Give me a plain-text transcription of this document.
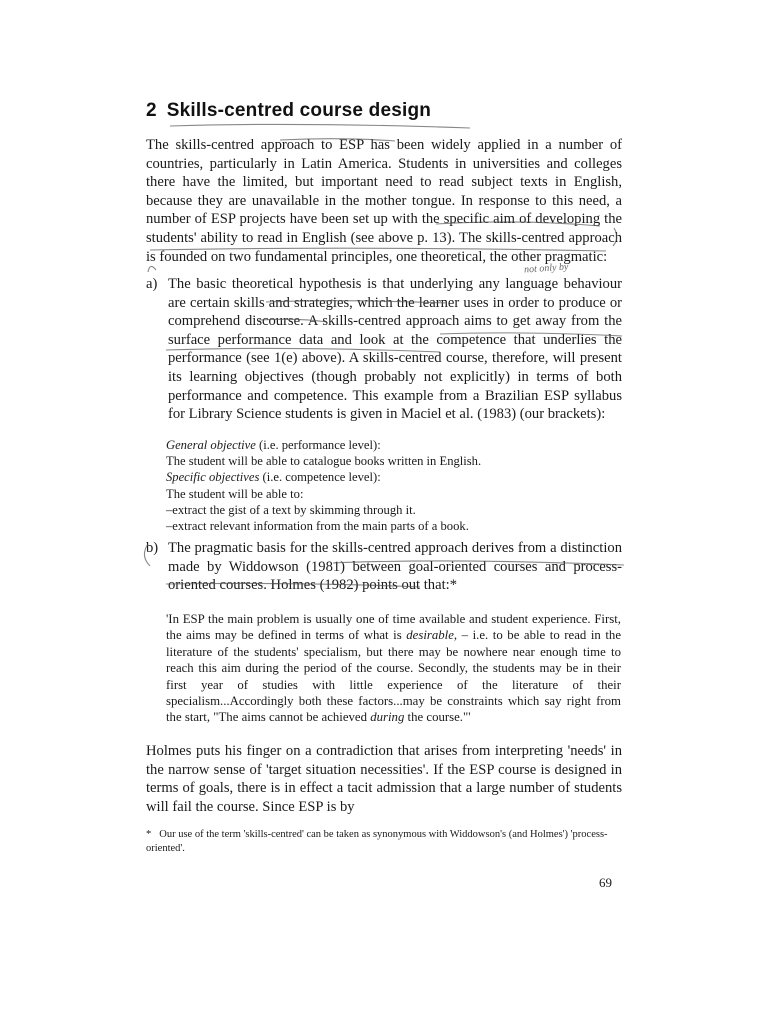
2 Skills-centred course design
The skills-centred approach to ESP has been widely applied in a number of countries, particularly in Latin America. Students in universities and colleges there have the limited, but important need to read subject texts in English, because they are unavailable in the mother tongue. In response to this need, a number of ESP projects have been set up with the specific aim of developing the students' ability to read in English (see above p. 13). The skills-centred approach is founded on two fundamental principles, one theoretical, the other pragmatic:
a) The basic theoretical hypothesis is that underlying any language behaviour are certain skills and strategies, which the learner uses in order to produce or comprehend discourse. A skills-centred approach aims to get away from the surface performance data and look at the competence that underlies the performance (see 1(e) above). A skills-centred course, therefore, will present its learning objectives (though probably not explicitly) in terms of both performance and competence. This example from a Brazilian ESP syllabus for Library Science students is given in Maciel et al. (1983) (our brackets):
General objective (i.e. performance level):
The student will be able to catalogue books written in English.
Specific objectives (i.e. competence level):
The student will be able to:
–extract the gist of a text by skimming through it.
–extract relevant information from the main parts of a book.
b) The pragmatic basis for the skills-centred approach derives from a distinction made by Widdowson (1981) between goal-oriented courses and process-oriented courses. Holmes (1982) points out that:*
'In ESP the main problem is usually one of time available and student experience. First, the aims may be defined in terms of what is desirable, – i.e. to be able to read in the literature of the students' specialism, but there may be nowhere near enough time to reach this aim during the period of the course. Secondly, the students may be in their first year of studies with little experience of the literature of their specialism...Accordingly both these factors...may be constraints which say right from the start, "The aims cannot be achieved during the course."'
Holmes puts his finger on a contradiction that arises from interpreting 'needs' in the narrow sense of 'target situation necessities'. If the ESP course is designed in terms of goals, there is in effect a tacit admission that a large number of students will fail the course. Since ESP is by
* Our use of the term 'skills-centred' can be taken as synonymous with Widdowson's (and Holmes') 'process-oriented'.
69
not only by
